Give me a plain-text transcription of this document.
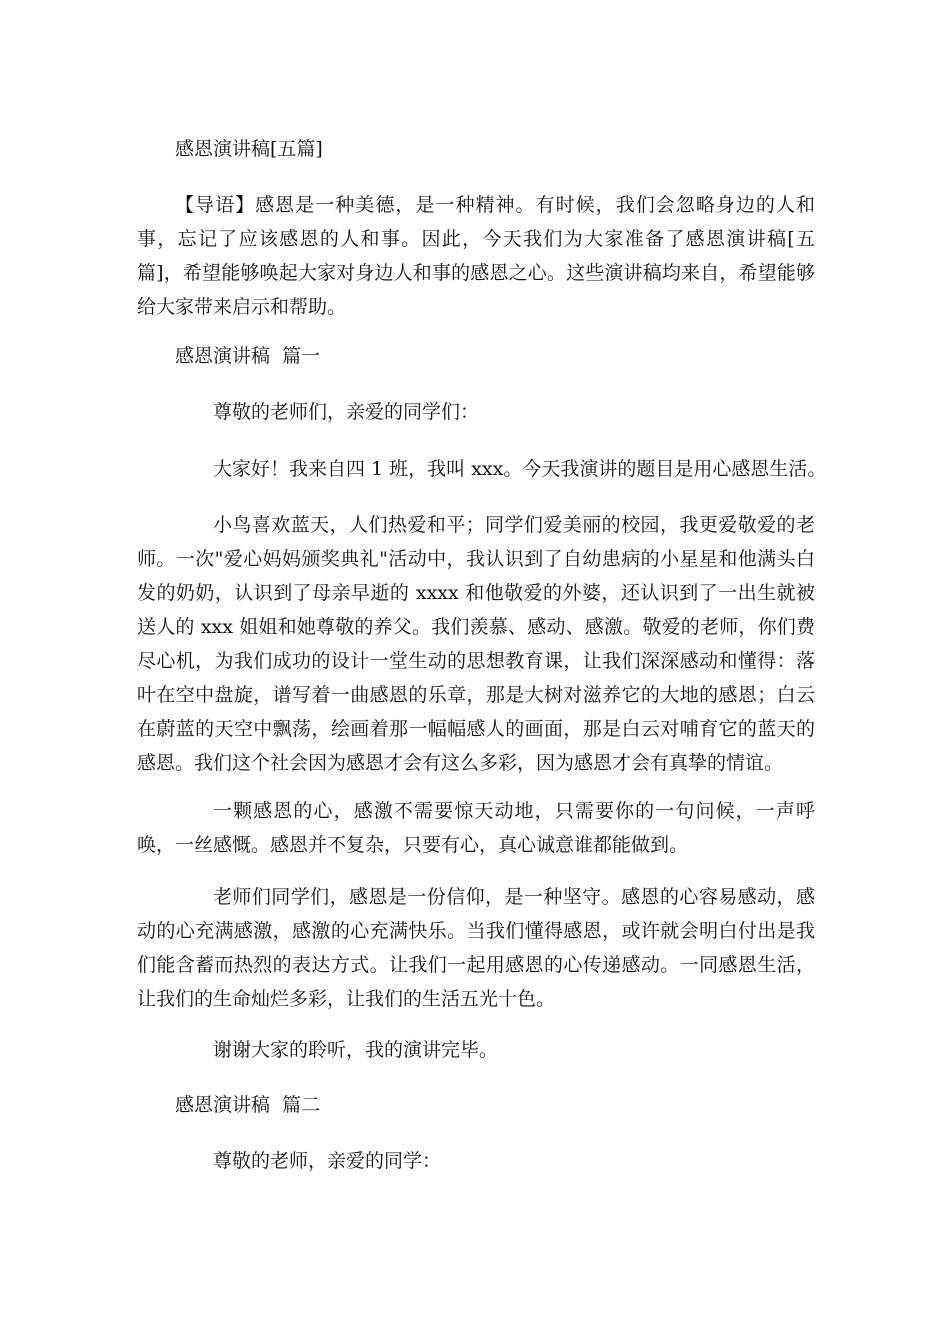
感恩演讲稿[五篇]
【导语】感恩是一种美德，是一种精神。有时候，我们会忽略身边的人和事，忘记了应该感恩的人和事。因此，今天我们为大家准备了感恩演讲稿[五篇]，希望能够唤起大家对身边人和事的感恩之心。这些演讲稿均来自，希望能够给大家带来启示和帮助。
感恩演讲稿  篇一
尊敬的老师们，亲爱的同学们：
大家好！我来自四 1 班，我叫 xxx。今天我演讲的题目是用心感恩生活。
小鸟喜欢蓝天，人们热爱和平；同学们爱美丽的校园，我更爱敬爱的老师。一次"爱心妈妈颁奖典礼"活动中，我认识到了自幼患病的小星星和他满头白发的奶奶，认识到了母亲早逝的 xxxx 和他敬爱的外婆，还认识到了一出生就被送人的 xxx 姐姐和她尊敬的养父。我们羡慕、感动、感激。敬爱的老师，你们费尽心机，为我们成功的设计一堂生动的思想教育课，让我们深深感动和懂得：落叶在空中盘旋，谱写着一曲感恩的乐章，那是大树对滋养它的大地的感恩；白云在蔚蓝的天空中飘荡，绘画着那一幅幅感人的画面，那是白云对哺育它的蓝天的感恩。我们这个社会因为感恩才会有这么多彩，因为感恩才会有真挚的情谊。
一颗感恩的心，感激不需要惊天动地，只需要你的一句问候，一声呼唤，一丝感慨。感恩并不复杂，只要有心，真心诚意谁都能做到。
老师们同学们，感恩是一份信仰，是一种坚守。感恩的心容易感动，感动的心充满感激，感激的心充满快乐。当我们懂得感恩，或许就会明白付出是我们能含蓄而热烈的表达方式。让我们一起用感恩的心传递感动。一同感恩生活，让我们的生命灿烂多彩，让我们的生活五光十色。
谢谢大家的聆听，我的演讲完毕。
感恩演讲稿  篇二
尊敬的老师，亲爱的同学：
